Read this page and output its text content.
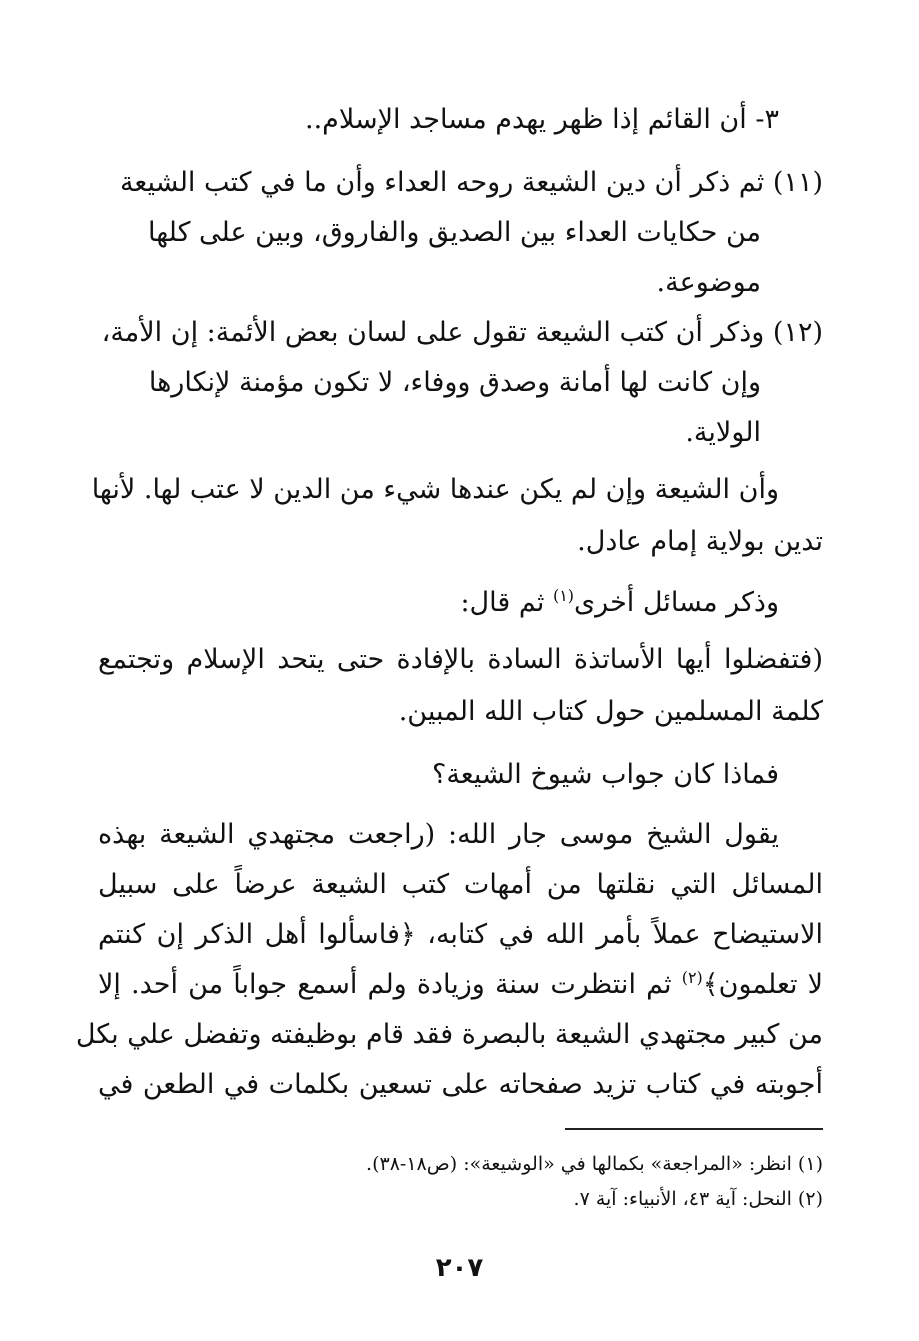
٣- أن القائم إذا ظهر يهدم مساجد الإسلام..
(١١) ثم ذكر أن دين الشيعة روحه العداء وأن ما في كتب الشيعة
من حكايات العداء بين الصديق والفاروق، وبين على كلها
موضوعة.
(١٢) وذكر أن كتب الشيعة تقول على لسان بعض الأئمة: إن الأمة،
وإن كانت لها أمانة وصدق ووفاء، لا تكون مؤمنة لإنكارها
الولاية.
وأن الشيعة وإن لم يكن عندها شيء من الدين لا عتب لها. لأنها
تدين بولاية إمام عادل.
وذكر مسائل أخرى$^{(١)}$ ثم قال:
(فتفضلوا أيها الأساتذة السادة بالإفادة حتى يتحد الإسلام وتجتمع
كلمة المسلمين حول كتاب الله المبين.
فماذا كان جواب شيوخ الشيعة؟
يقول الشيخ موسى جار الله: (راجعت مجتهدي الشيعة بهذه
المسائل التي نقلتها من أمهات كتب الشيعة عرضاً على سبيل
الاستيضاح عملاً بأمر الله في كتابه، ﴿فاسألوا أهل الذكر إن كنتم
لا تعلمون﴾$^{(٢)}$ ثم انتظرت سنة وزيادة ولم أسمع جواباً من أحد. إلا
من كبير مجتهدي الشيعة بالبصرة فقد قام بوظيفته وتفضل علي بكل
أجوبته في كتاب تزيد صفحاته على تسعين بكلمات في الطعن في
(١) انظر: «المراجعة» بكمالها في «الوشيعة»: (ص١٨-٣٨).
(٢) النحل: آية ٤٣، الأنبياء: آية ٧.
٢٠٧
